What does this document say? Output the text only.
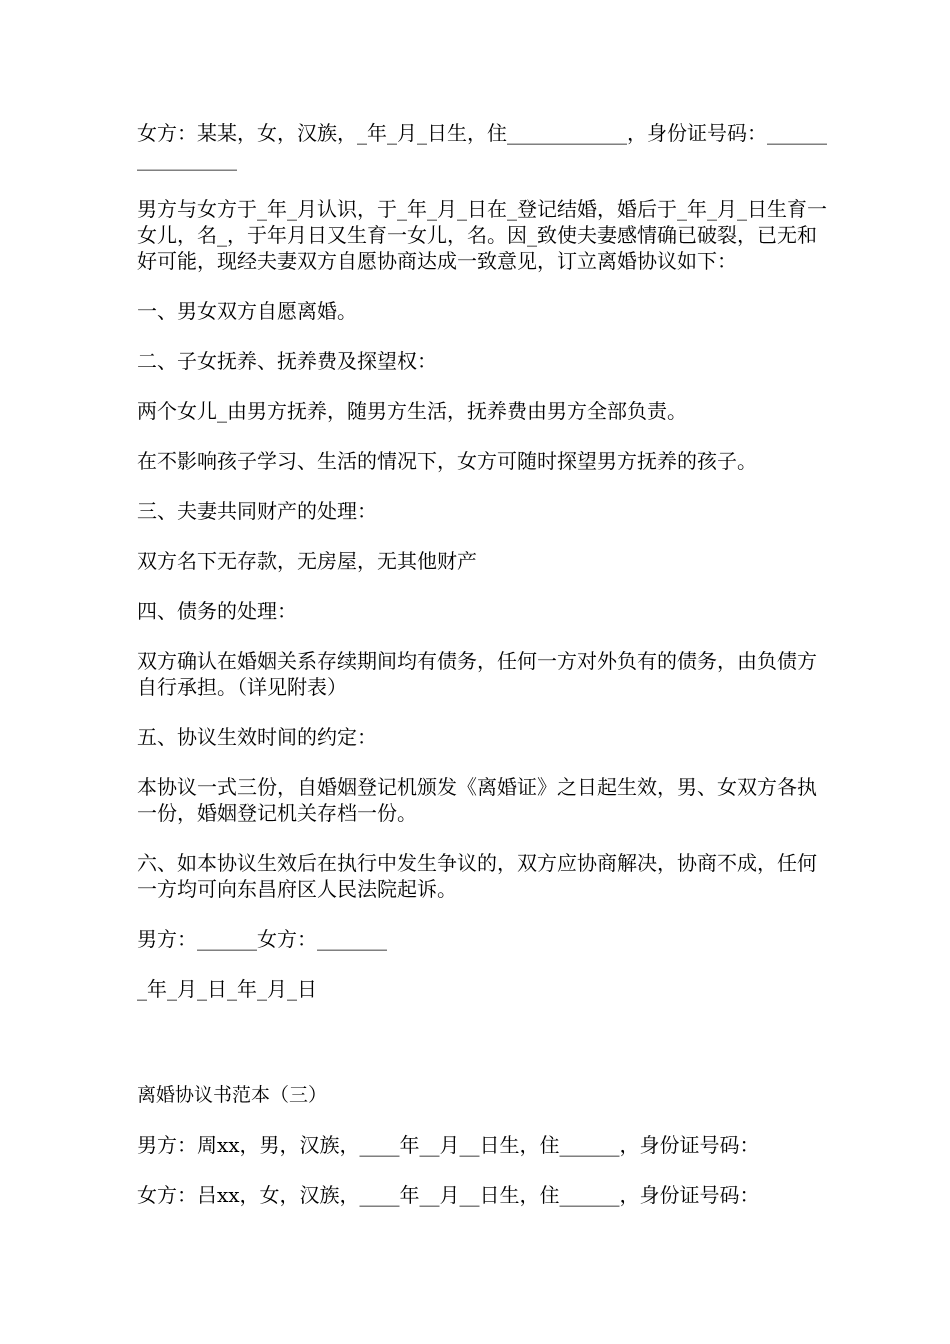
女方：某某，女，汉族，_年_月_日生，住____________，身份证号码：________________

男方与女方于_年_月认识，于_年_月_日在_登记结婚，婚后于_年_月_日生育一女儿，名_，于年月日又生育一女儿，名。因_致使夫妻感情确已破裂，已无和好可能，现经夫妻双方自愿协商达成一致意见，订立离婚协议如下：

一、男女双方自愿离婚。

二、子女抚养、抚养费及探望权：

两个女儿_由男方抚养，随男方生活，抚养费由男方全部负责。

在不影响孩子学习、生活的情况下，女方可随时探望男方抚养的孩子。

三、夫妻共同财产的处理：

双方名下无存款，无房屋，无其他财产

四、债务的处理：

双方确认在婚姻关系存续期间均有债务，任何一方对外负有的债务，由负债方自行承担。（详见附表）

五、协议生效时间的约定：

本协议一式三份，自婚姻登记机颁发《离婚证》之日起生效，男、女双方各执一份，婚姻登记机关存档一份。

六、如本协议生效后在执行中发生争议的，双方应协商解决，协商不成，任何一方均可向东昌府区人民法院起诉。

男方：______女方：_______

_年_月_日_年_月_日

离婚协议书范本（三）

男方：周xx，男，汉族，____年__月__日生，住______，身份证号码：

女方：吕xx，女，汉族，____年__月__日生，住______，身份证号码：
